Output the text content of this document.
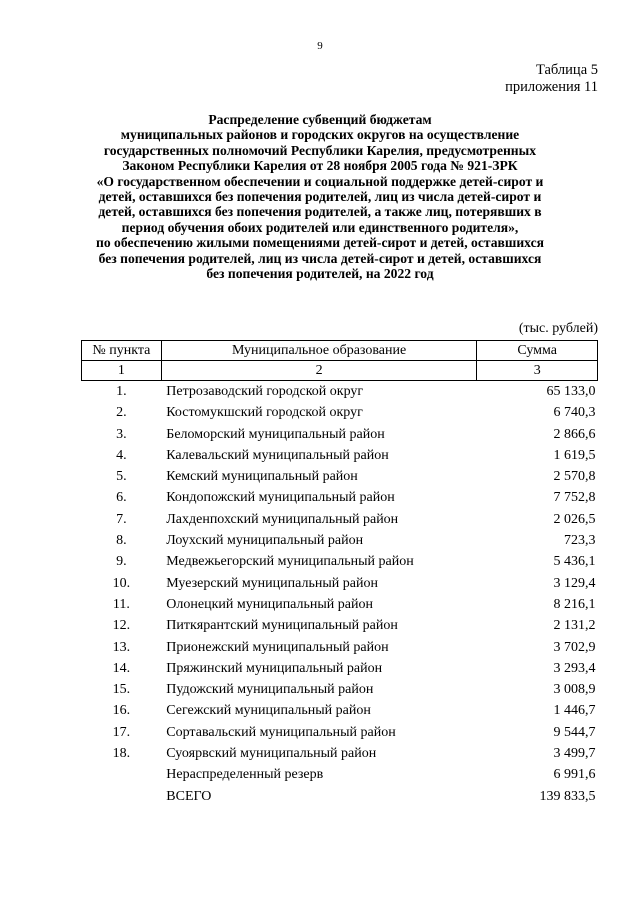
9
Таблица 5
приложения 11
Распределение субвенций бюджетам
муниципальных районов и городских округов на осуществление
государственных полномочий Республики Карелия, предусмотренных
Законом Республики Карелия от 28 ноября 2005 года № 921-ЗРК
«О государственном обеспечении и социальной поддержке детей-сирот и
детей, оставшихся без попечения родителей, лиц из числа детей-сирот и
детей, оставшихся без попечения родителей, а также лиц, потерявших в
период обучения обоих родителей или единственного родителя»,
по обеспечению жилыми помещениями детей-сирот и детей, оставшихся
без попечения родителей, лиц из числа детей-сирот и детей, оставшихся
без попечения родителей, на 2022 год
(тыс. рублей)
№ пункта	Муниципальное образование	Сумма
1	2	3
1.	Петрозаводский городской округ	65 133,0
2.	Костомукшский городской округ	6 740,3
3.	Беломорский муниципальный район	2 866,6
4.	Калевальский муниципальный район	1 619,5
5.	Кемский муниципальный район	2 570,8
6.	Кондопожский муниципальный район	7 752,8
7.	Лахденпохский муниципальный район	2 026,5
8.	Лоухский муниципальный район	723,3
9.	Медвежьегорский муниципальный район	5 436,1
10.	Муезерский муниципальный район	3 129,4
11.	Олонецкий муниципальный район	8 216,1
12.	Питкярантский муниципальный район	2 131,2
13.	Прионежский муниципальный район	3 702,9
14.	Пряжинский муниципальный район	3 293,4
15.	Пудожский муниципальный район	3 008,9
16.	Сегежский муниципальный район	1 446,7
17.	Сортавальский муниципальный район	9 544,7
18.	Суоярвский муниципальный район	3 499,7
	Нераспределенный резерв	6 991,6
	ВСЕГО	139 833,5
